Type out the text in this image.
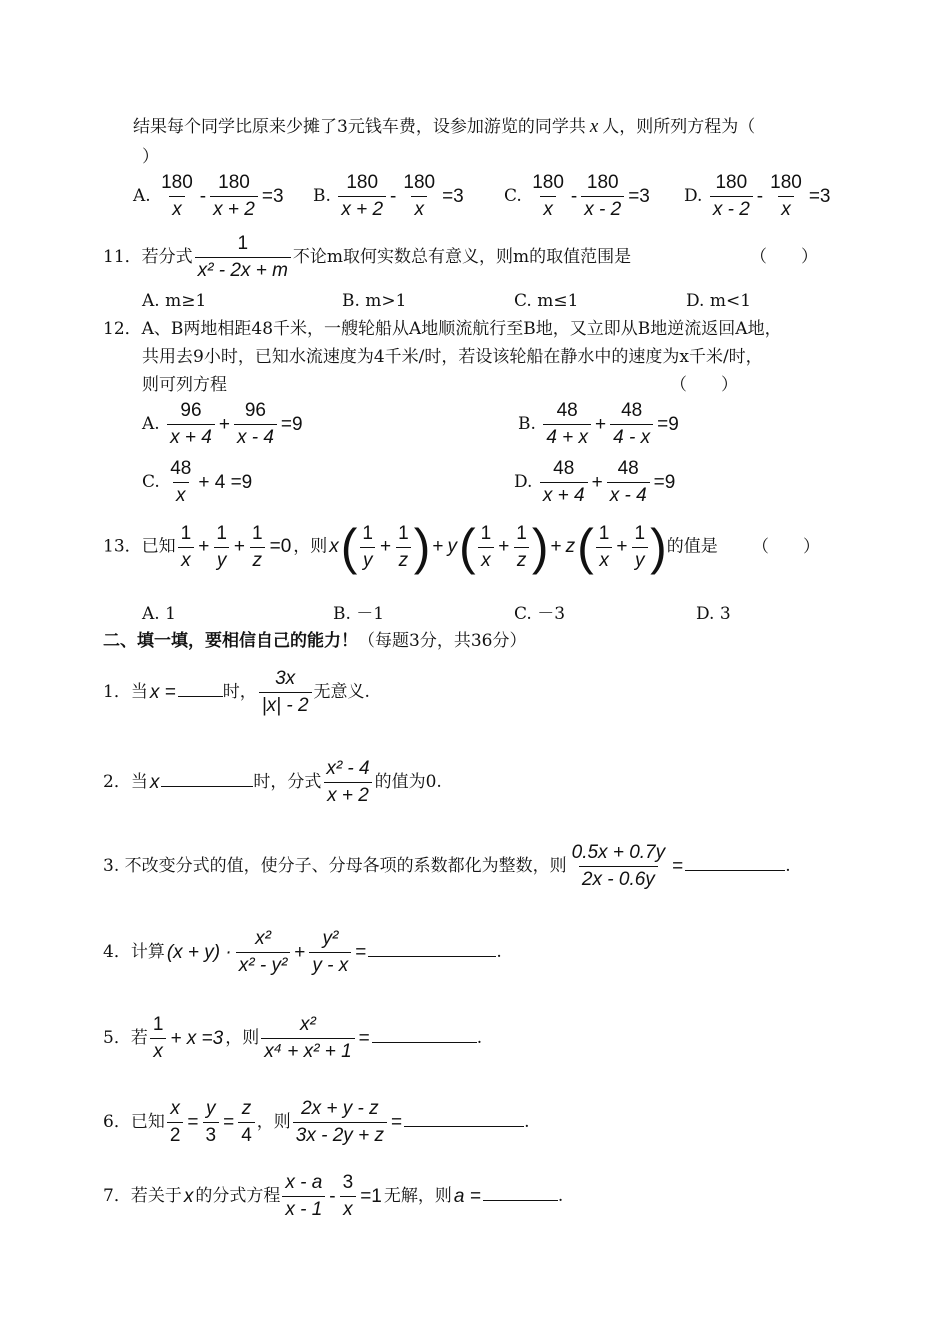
结果每个同学比原来少摊了3元钱车费，设参加游览的同学共 x 人，则所列方程为（
）
A. $\frac{180}{x} - \frac{180}{x + 2} =3$ B. $\frac{180}{x + 2} - \frac{180}{x} =3$ C. $\frac{180}{x} - \frac{180}{x - 2} =3$ D. $\frac{180}{x - 2} - \frac{180}{x} =3$
11．若分式 $\frac{1}{\text{x² - 2x + m}}$ 不论m取何实数总有意义，则m的取值范围是	（　　）
A. m≥1	B. m>1	C. m≤1	D. m<1
12．A、B两地相距48千米，一艘轮船从A地顺流航行至B地，又立即从B地逆流返回A地，
共用去9小时，已知水流速度为4千米/时，若设该轮船在静水中的速度为x千米/时，
则可列方程	（　　）
A. $\frac{96}{x + 4} + \frac{96}{x - 4} =9$	B. $\frac{48}{4 + x} + \frac{48}{4 - x} =9$
C. $\frac{48}{x} + 4 =9$	D. $\frac{48}{x + 4} + \frac{48}{x - 4} =9$
13．已知 $\frac{1}{x} + \frac{1}{y} + \frac{1}{z} =0$ ，则 $x( \frac{1}{y} + \frac{1}{z}$ ) + $y( \frac{1}{x} + \frac{1}{z}$ ) + $z( \frac{1}{x} + \frac{1}{y}$ )的值是 （　　）
A. 1	B. －1	C. －3	D. 3
二、填一填，要相信自己的能力！（每题3分，共36分）
1．当 x =	时， $\frac{3x}{|x| - 2}$ 无意义.
2．当 x	时，分式 $\frac{\text{x² - 4}}{x + 2}$ 的值为0.
3. 不改变分式的值，使分子、分母各项的系数都化为整数，则 $\frac{0.5x + 0.7y}{2x - 0.6y}$ =	.
4．计算 $(x + y) \cdot \frac{\text{x²}}{\text{x² - y²}} + \frac{\text{y²}}{y - x}$ =	.
5．若 $\frac{1}{x} + x =3$ ，则 $\frac{\text{x²}}{\text{x⁴ + x² + 1}}$ =	.
6．已知 $\frac{x}{2} = \frac{y}{3} = \frac{z}{4}$ ，则 $\frac{2x + y - z}{3x - 2y + z}$ =	.
7．若关于 x 的分式方程 $\frac{x - a}{x - 1} - \frac{3}{x} =1$ 无解，则 a =	.
